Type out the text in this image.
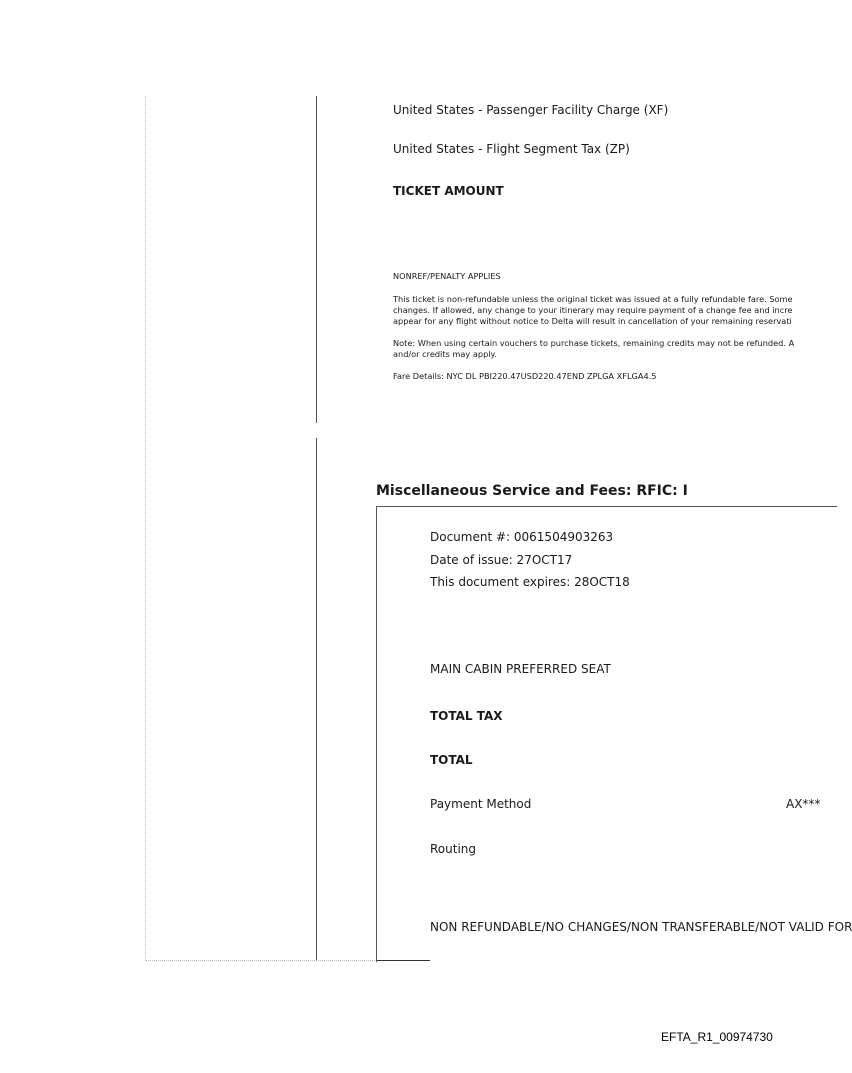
United States - Passenger Facility Charge (XF)
United States - Flight Segment Tax (ZP)
TICKET AMOUNT
NONREF/PENALTY APPLIES
This ticket is non-refundable unless the original ticket was issued at a fully refundable fare. Some
changes. If allowed, any change to your itinerary may require payment of a change fee and incre
appear for any flight without notice to Delta will result in cancellation of your remaining reservati
Note: When using certain vouchers to purchase tickets, remaining credits may not be refunded. A
and/or credits may apply.
Fare Details: NYC DL PBI220.47USD220.47END ZPLGA XFLGA4.5
Miscellaneous Service and Fees: RFIC: I
Document #: 0061504903263
Date of issue: 27OCT17
This document expires: 28OCT18
MAIN CABIN PREFERRED SEAT
TOTAL TAX
TOTAL
Payment Method	AX***
Routing
NON REFUNDABLE/NO CHANGES/NON TRANSFERABLE/NOT VALID FOR
EFTA_R1_00974730
